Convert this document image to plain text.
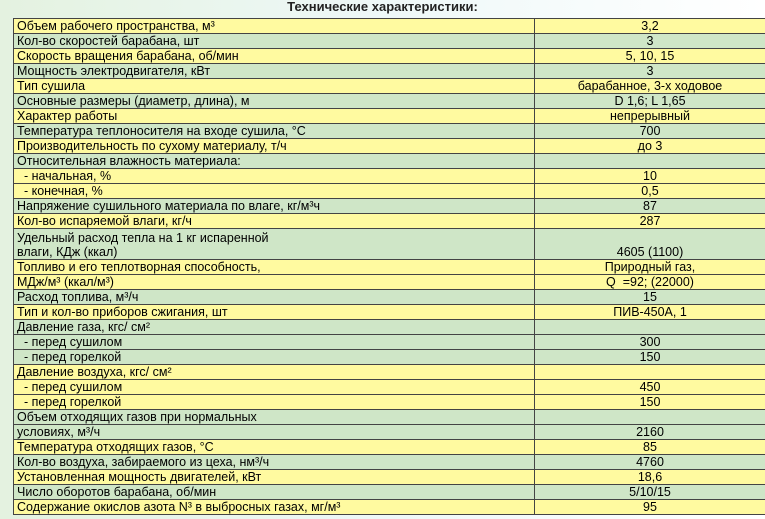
Технические характеристики:
Объем рабочего пространства, м³	3,2
Кол-во скоростей барабана, шт	3
Скорость вращения барабана, об/мин	5, 10, 15
Мощность электродвигателя, кВт	3
Тип сушила	барабанное, 3-х ходовое
Основные размеры (диаметр, длина), м	D 1,6; L 1,65
Характер работы	непрерывный
Температура теплоносителя на входе сушила, °С	700
Производительность по сухому материалу, т/ч	до 3
Относительная влажность материала:	
- начальная, %	10
- конечная, %	0,5
Напряжение сушильного материала по влаге, кг/м³ч	87
Кол-во испаряемой влаги, кг/ч	287

Удельный расход тепла на 1 кг испаренной
влаги, КДж (ккал)	4605 (1100)
Топливо и его теплотворная способность,	Природный газ,
МДж/м³ (ккал/м³)	Q  =92; (22000)
Расход топлива, м³/ч	15
Тип и кол-во приборов сжигания, шт	ПИВ-450А, 1
Давление газа, кгс/ см²	
- перед сушилом	300
- перед горелкой	150
Давление воздуха, кгс/ см²	
- перед сушилом	450
- перед горелкой	150
Объем отходящих газов при нормальных	
условиях, м³/ч	2160
Температура отходящих газов, °С	85
Кол-во воздуха, забираемого из цеха, нм³/ч	4760
Установленная мощность двигателей, кВт	18,6
Число оборотов барабана, об/мин	5/10/15
Содержание окислов азота N³ в выбросных газах, мг/м³	95
